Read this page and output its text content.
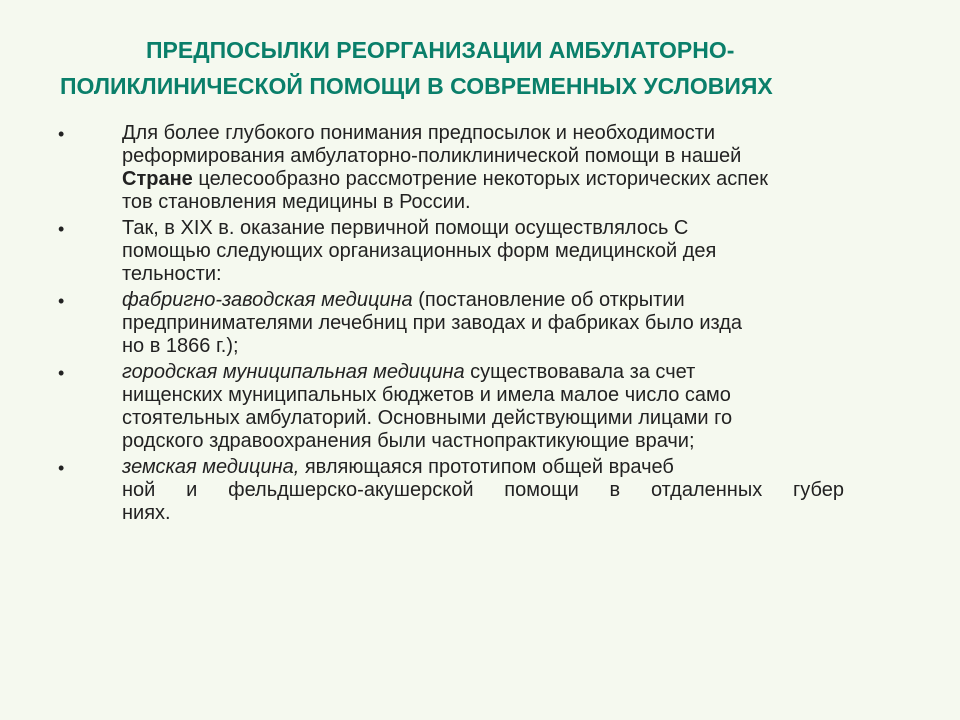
ПРЕДПОСЫЛКИ РЕОРГАНИЗАЦИИ АМБУЛАТОРНО-
ПОЛИКЛИНИЧЕСКОЙ ПОМОЩИ В СОВРЕМЕННЫХ УСЛОВИЯХ
•	Для более глубокого понимания предпосылок и необходимости
реформирования амбулаторно-поликлинической помощи в нашей
Стране целесообразно рассмотрение некоторых исторических аспек
тов становления медицины в России.
•	Так, в XIX в. оказание первичной помощи осуществлялось С
помощью следующих организационных форм медицинской дея
тельности:
•	фабригно-заводская медицина (постановление об открытии
предпринимателями лечебниц при заводах и фабриках было изда
но в 1866 г.);
•	городская муниципальная медицина существовавала за счет
нищенских муниципальных бюджетов и имела малое число само
стоятельных амбулаторий. Основными действующими лицами го
родского здравоохранения были частнопрактикующие врачи;
•	земская медицина, являющаяся прототипом общей врачеб
ной и фельдшерско-акушерской помощи в отдаленных губер
ниях.
